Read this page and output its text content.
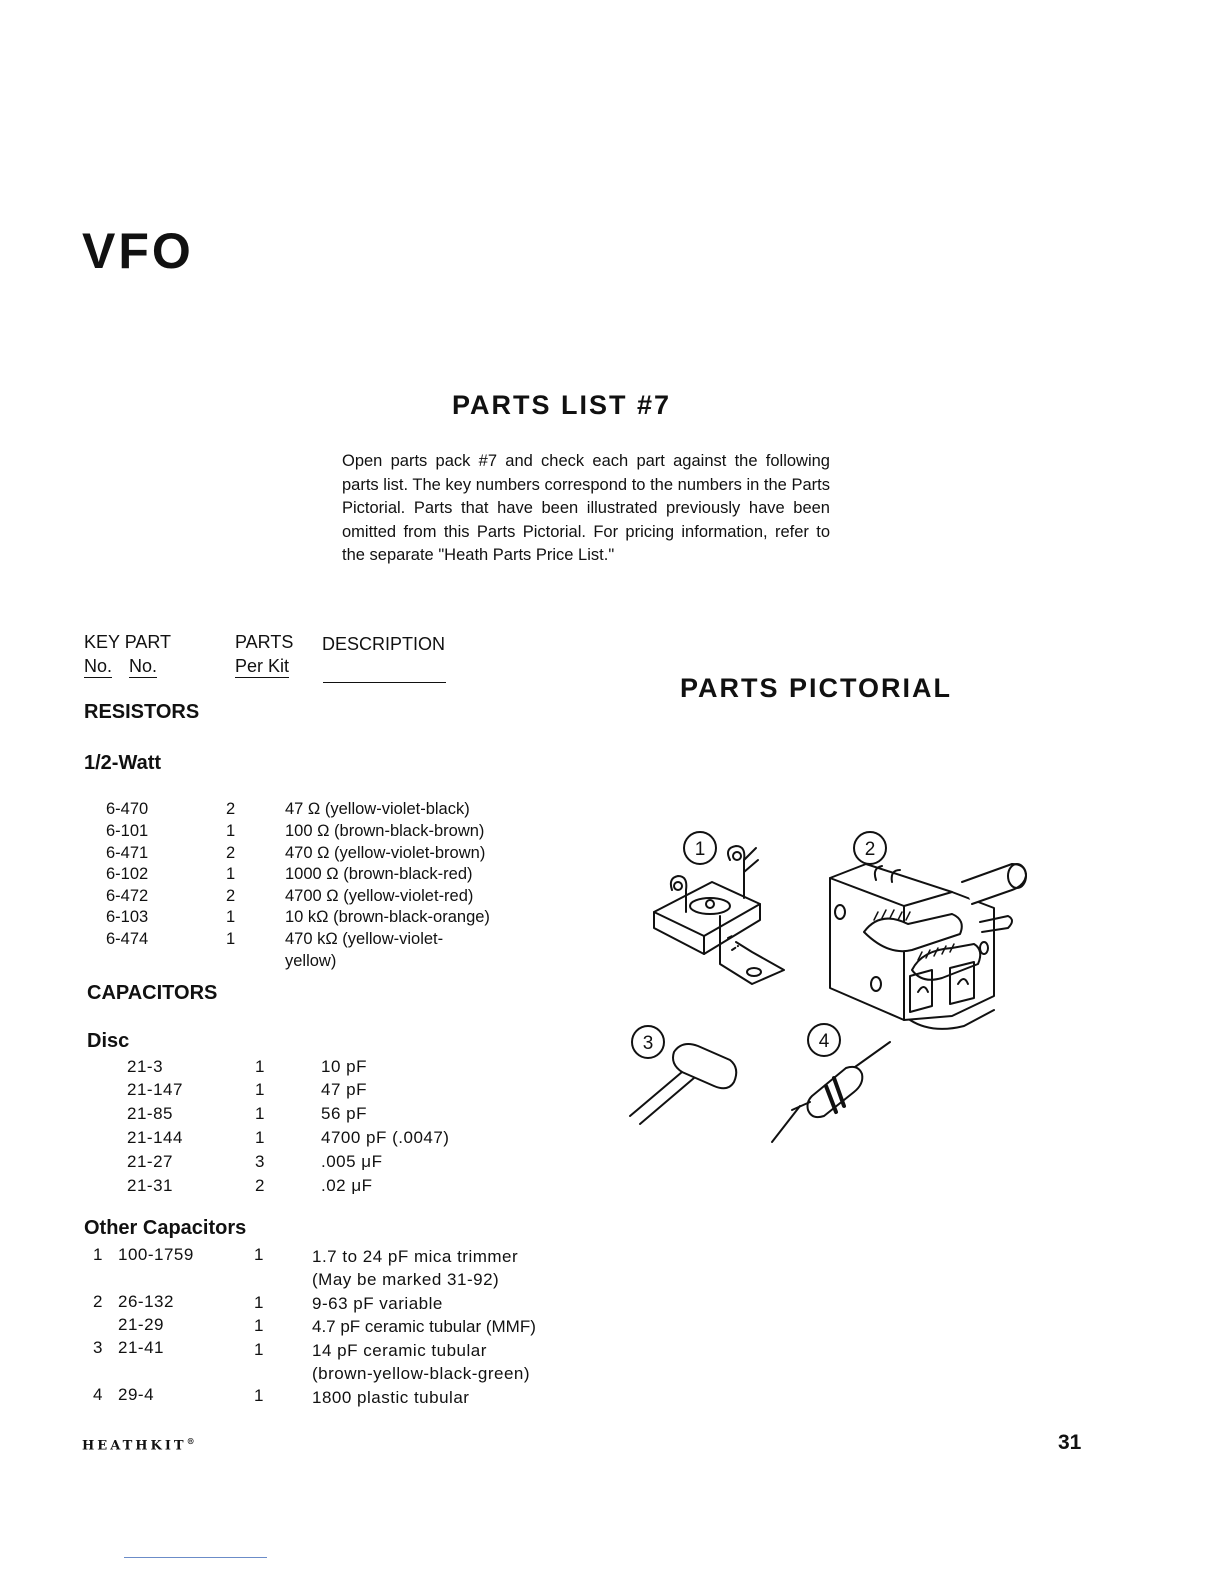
VFO
PARTS LIST #7
Open parts pack #7 and check each part against the following parts list. The key numbers correspond to the numbers in the Parts Pictorial. Parts that have been illustrated previously have been omitted from this Parts Pictorial. For pricing information, refer to the separate "Heath Parts Price List."
KEY PART
No. No.
PARTS
Per Kit
DESCRIPTION
PARTS PICTORIAL
RESISTORS
1/2-Watt
6-470	2	47 Ω (yellow-violet-black)
6-101	1	100 Ω (brown-black-brown)
6-471	2	470 Ω (yellow-violet-brown)
6-102	1	1000 Ω (brown-black-red)
6-472	2	4700 Ω (yellow-violet-red)
6-103	1	10 kΩ (brown-black-orange)
6-474	1	470 kΩ (yellow-violet-
yellow)
CAPACITORS
Disc
21-3	1	10 pF
21-147	1	47 pF
21-85	1	56 pF
21-144	1	4700 pF (.0047)
21-27	3	.005 μF
21-31	2	.02 μF
Other Capacitors
1 100-1759	1	1.7 to 24 pF mica trimmer
(May be marked 31-92)
2 26-132	1	9-63 pF variable
21-29	1	4.7 pF ceramic tubular (MMF)
3 21-41	1	14 pF ceramic tubular
(brown-yellow-black-green)
4 29-4	1	1800 plastic tubular
1	2
3	4
HEATHKIT®	31
